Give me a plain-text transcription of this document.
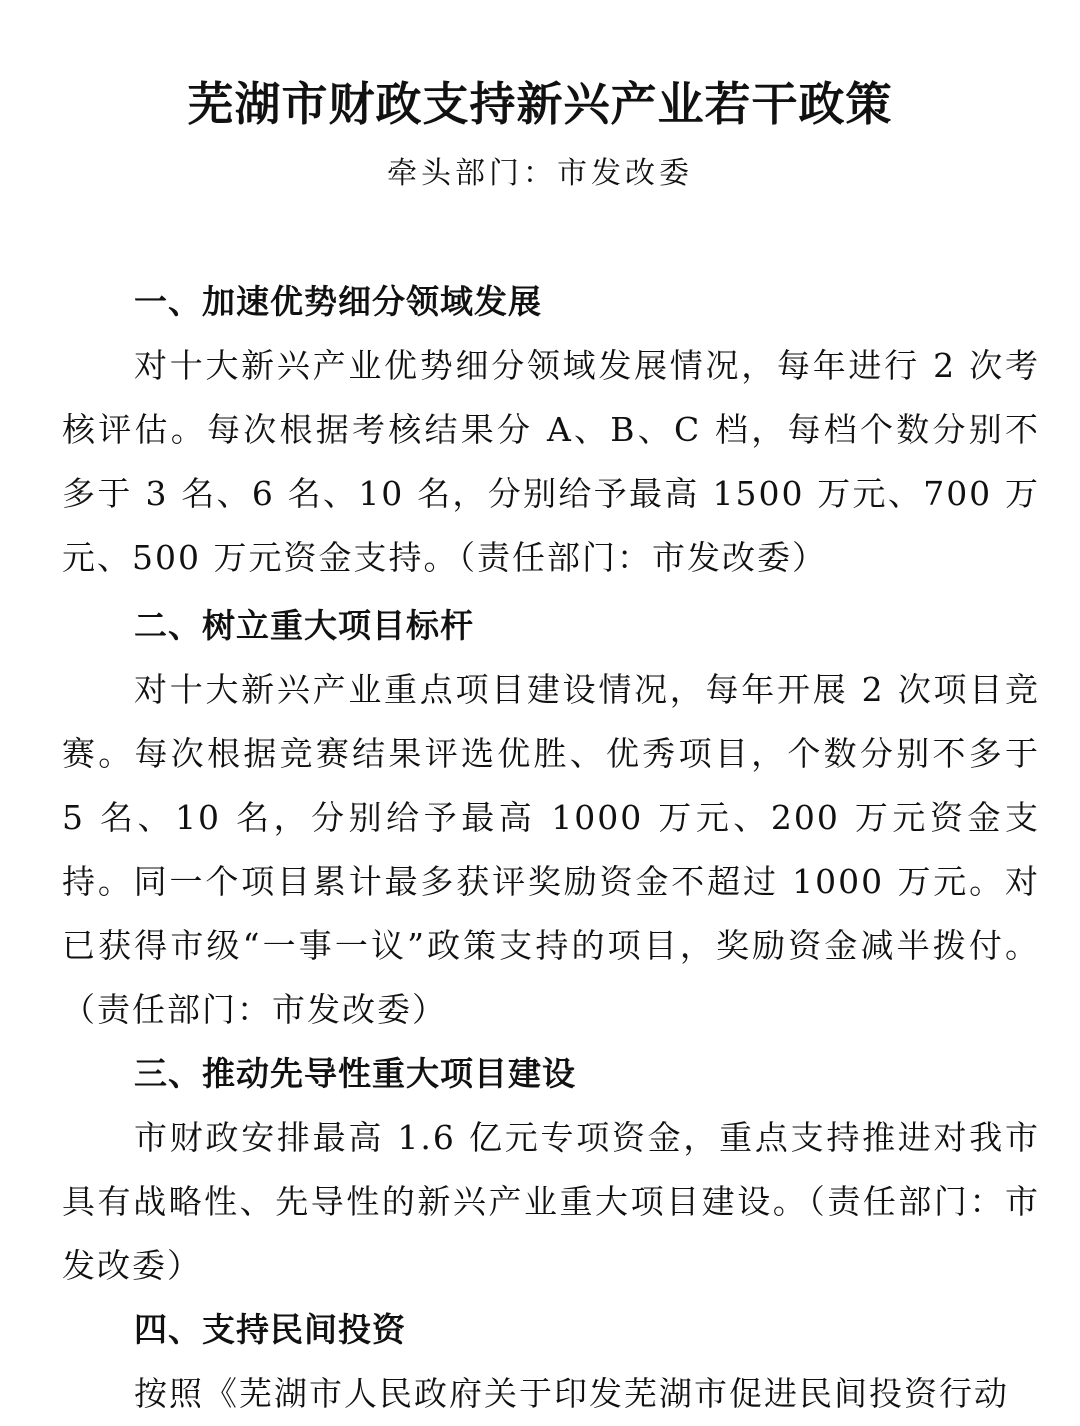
芜湖市财政支持新兴产业若干政策

牵头部门：市发改委

一、加速优势细分领域发展

对十大新兴产业优势细分领域发展情况，每年进行 2 次考核评估。每次根据考核结果分 A、B、C 档，每档个数分别不多于 3 名、6 名、10 名，分别给予最高 1500 万元、700 万元、500 万元资金支持。（责任部门：市发改委）

二、树立重大项目标杆

对十大新兴产业重点项目建设情况，每年开展 2 次项目竞赛。每次根据竞赛结果评选优胜、优秀项目，个数分别不多于 5 名、10 名，分别给予最高 1000 万元、200 万元资金支持。同一个项目累计最多获评奖励资金不超过 1000 万元。对已获得市级“一事一议”政策支持的项目，奖励资金减半拨付。（责任部门：市发改委）

三、推动先导性重大项目建设

市财政安排最高 1.6 亿元专项资金，重点支持推进对我市具有战略性、先导性的新兴产业重大项目建设。（责任部门：市发改委）

四、支持民间投资

按照《芜湖市人民政府关于印发芜湖市促进民间投资行动
